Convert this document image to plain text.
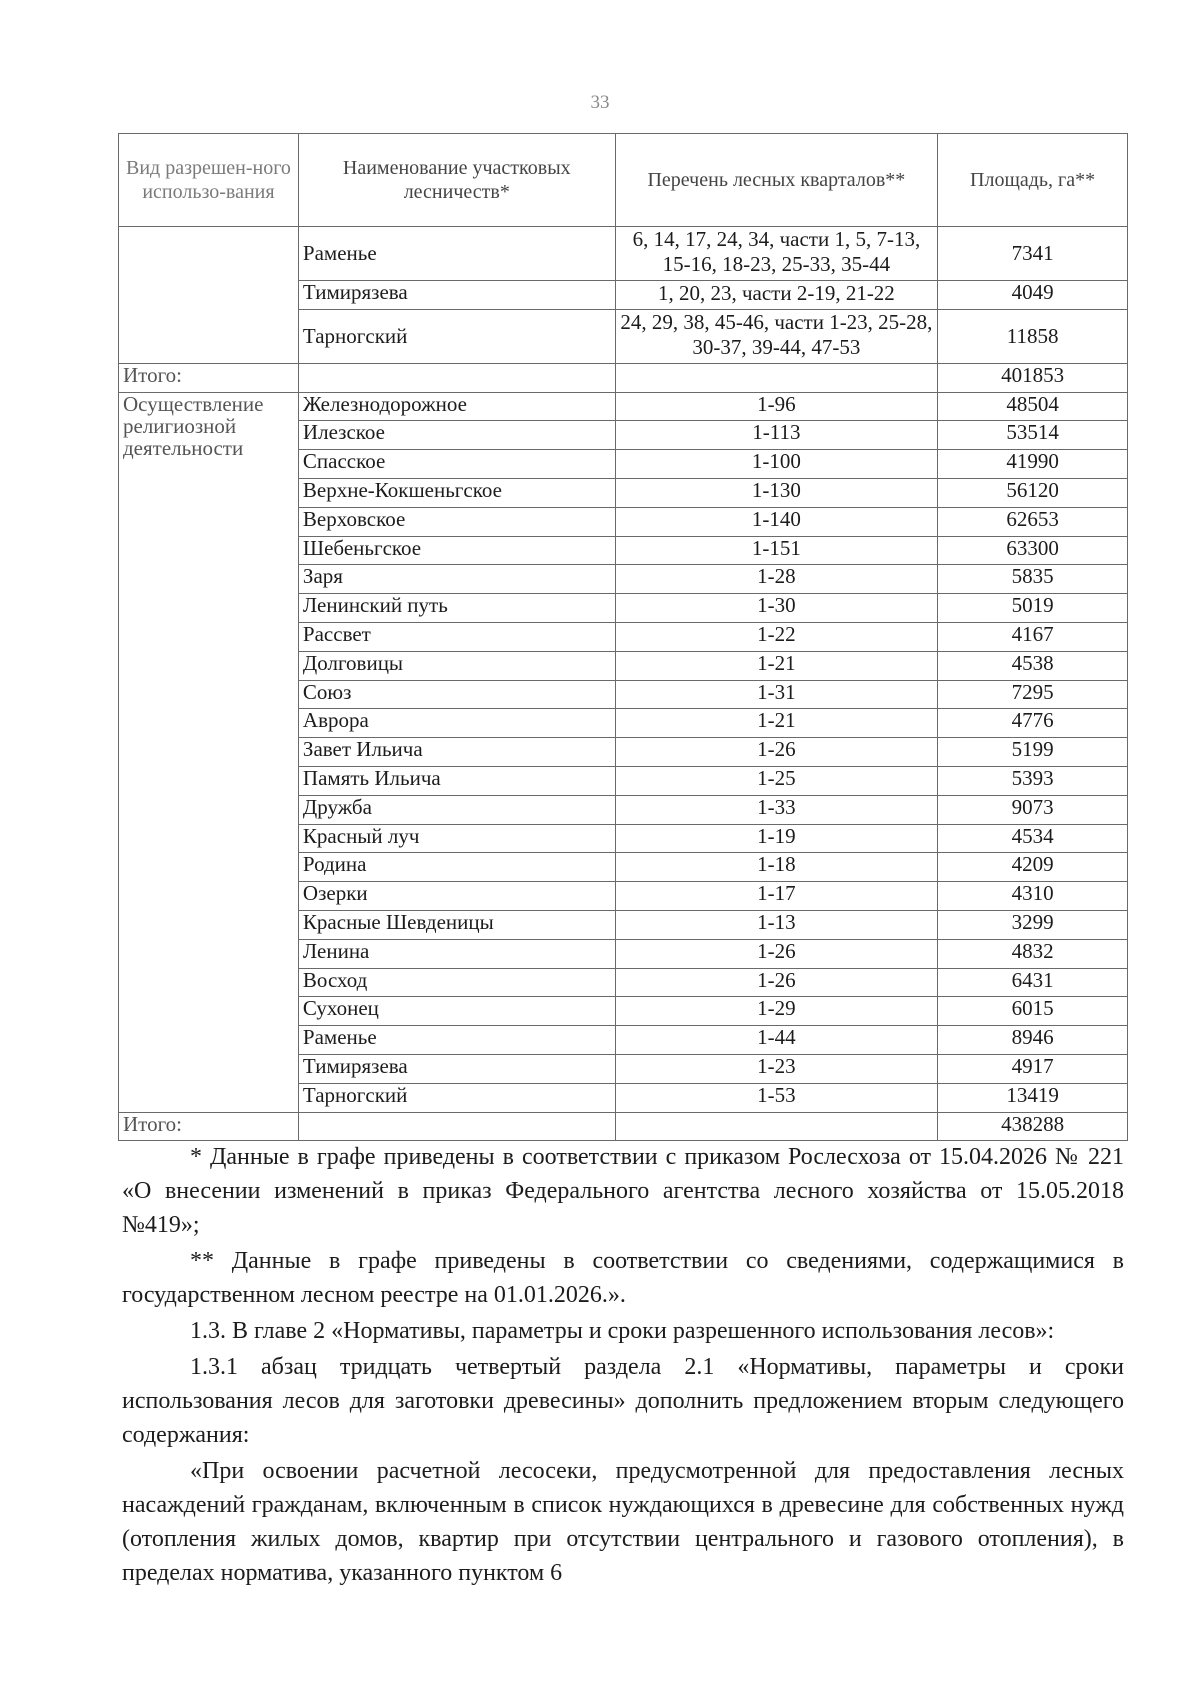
33
Вид разрешен-ного использо-вания	Наименование участковых лесничеств*	Перечень лесных кварталов**	Площадь, га**
	Раменье	6, 14, 17, 24, 34, части 1, 5, 7-13, 15-16, 18-23, 25-33, 35-44	7341
	Тимирязева	1, 20, 23, части 2-19, 21-22	4049
	Тарногский	24, 29, 38, 45-46, части 1-23, 25-28, 30-37, 39-44, 47-53	11858
Итого:			401853
Осуществление религиозной деятельности	Железнодорожное	1-96	48504
	Илезское	1-113	53514
	Спасское	1-100	41990
	Верхне-Кокшеньгское	1-130	56120
	Верховское	1-140	62653
	Шебеньгское	1-151	63300
	Заря	1-28	5835
	Ленинский путь	1-30	5019
	Рассвет	1-22	4167
	Долговицы	1-21	4538
	Союз	1-31	7295
	Аврора	1-21	4776
	Завет Ильича	1-26	5199
	Память Ильича	1-25	5393
	Дружба	1-33	9073
	Красный луч	1-19	4534
	Родина	1-18	4209
	Озерки	1-17	4310
	Красные Шевденицы	1-13	3299
	Ленина	1-26	4832
	Восход	1-26	6431
	Сухонец	1-29	6015
	Раменье	1-44	8946
	Тимирязева	1-23	4917
	Тарногский	1-53	13419
Итого:			438288

* Данные в графе приведены в соответствии с приказом Рослесхоза от 15.04.2026 № 221 «О внесении изменений в приказ Федерального агентства лесного хозяйства от 15.05.2018 №419»;

** Данные в графе приведены в соответствии со сведениями, содержащимися в государственном лесном реестре на 01.01.2026.».

1.3. В главе 2 «Нормативы, параметры и сроки разрешенного использования лесов»:

1.3.1 абзац тридцать четвертый раздела 2.1 «Нормативы, параметры и сроки использования лесов для заготовки древесины» дополнить предложением вторым следующего содержания:

«При освоении расчетной лесосеки, предусмотренной для предоставления лесных насаждений гражданам, включенным в список нуждающихся в древесине для собственных нужд (отопления жилых домов, квартир при отсутствии центрального и газового отопления), в пределах норматива, указанного пунктом 6
